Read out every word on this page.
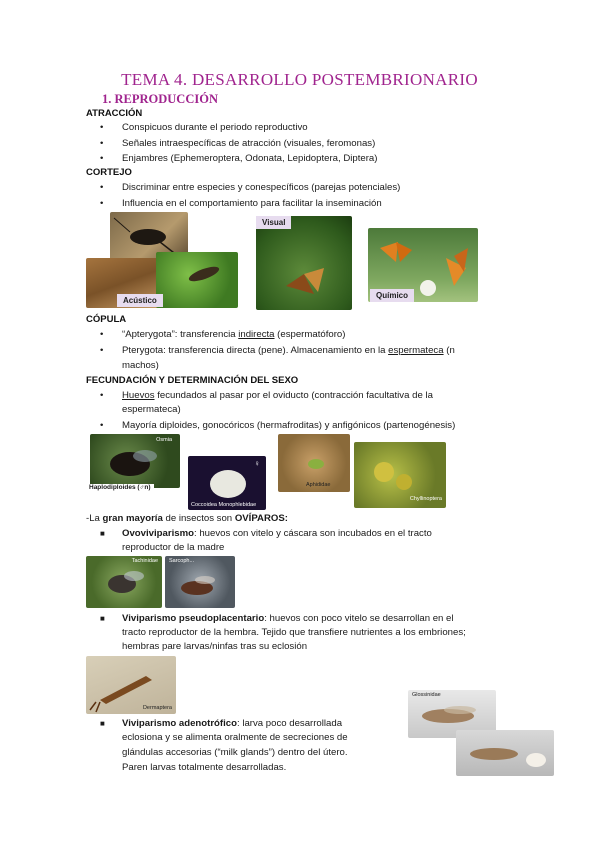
TEMA 4. DESARROLLO POSTEMBRIONARIO
1. REPRODUCCIÓN
ATRACCIÓN
• Conspicuos durante el periodo reproductivo
• Señales intraespecíficas de atracción (visuales, feromonas)
• Enjambres (Ephemeroptera, Odonata, Lepidoptera, Diptera)
CORTEJO
• Discriminar entre especies y conespecíficos (parejas potenciales)
• Influencia en el comportamiento para facilitar la inseminación
Acústico
Visual
Químico
CÓPULA
• “Apterygota”: transferencia indirecta (espermatóforo)
• Pterygota: transferencia directa (pene). Almacenamiento en la espermateca (n
machos)
FECUNDACIÓN Y DETERMINACIÓN DEL SEXO
• Huevos fecundados al pasar por el oviducto (contracción facultativa de la
espermateca)
• Mayoría diploides, gonocóricos (hermafroditas) y anfigónicos (partenogénesis)
Osmia
Haplodiploides (♂n)
Coccoidea Monophlebidae
♀
Aphididae
Chyllinoptera
-La gran mayoría de insectos son OVÍPAROS:
■ Ovoviviparismo: huevos con vitelo y cáscara son incubados en el tracto
reproductor de la madre
Tachinidae Sarcoph...
■ Viviparismo pseudoplacentario: huevos con poco vitelo se desarrollan en el
tracto reproductor de la hembra. Tejido que transfiere nutrientes a los embriones;
hembras pare larvas/ninfas tras su eclosión
Dermaptera
■ Viviparismo adenotrófico: larva poco desarrollada
eclosiona y se alimenta oralmente de secreciones de
glándulas accesorias (“milk glands”) dentro del útero.
Paren larvas totalmente desarrolladas.
Glossinidae
